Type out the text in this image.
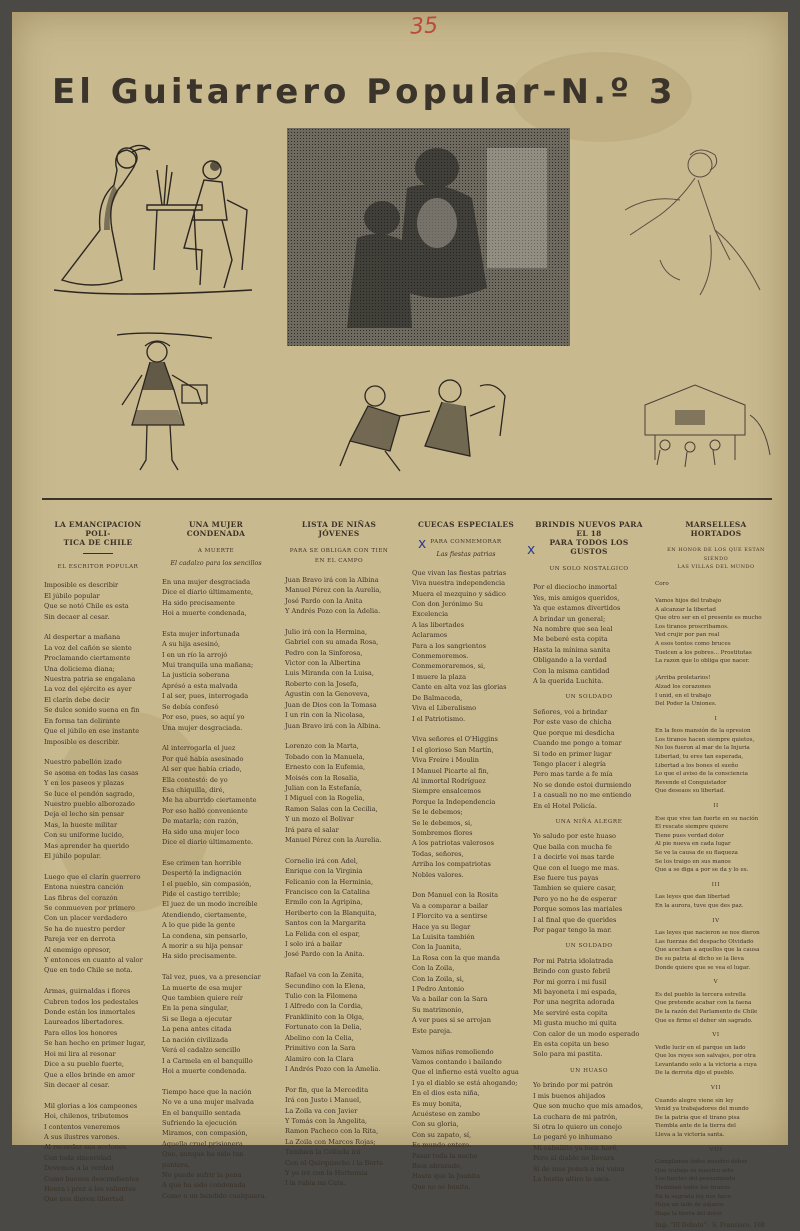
35
El Guitarrero Popular-N.º 3
x	x
LA EMANCIPACION POLI-
TICA DE CHILE
EL ESCRITOR POPULAR
Imposible es describir
El júbilo popular
Que se notó Chile es esta
Sin decaer al cesar.

Al despertar a mañana
La voz del cañón se siente
Proclamando ciertamente
Una doliciema diana;
Nuestra patria se engalana
La voz del ejército es ayer
El clarín debe decir
Se dulce sonido suena en fin
En forma tan delirante
Que el júbilo en ese instante
Imposible es describir.

Nuestro pabellón izado
Se asoma en todas las casas
Y en los paseos y plazas
Se luce el pendón sagrado,
Nuestro pueblo alborozado
Deja el lecho sin pensar
Mas, la hueste militar
Con su uniforme lucido,
Mas aprender ha querido
El júbilo popular.

Luego que el clarín guerrero
Entona nuestra canción
Las fibras del corazón
Se conmueven por primero
Con un placer verdadero
Se ha de nuestro perder
Pareja ver en derrota
Al enemigo opresor,
Y entonces en cuanto al valor
Que en todo Chile se nota.

Armas, guirnaldas i flores
Cubren todos los pedestales
Donde están los inmortales
Laureados libertadores.
Para ellos los honores
Se han hecho en primer lugar,
Hoi mi lira al resonar
Dice a su pueblo fuerte,
Que a ellos brinde en amor
Sin decaer al cesar.

Mil glorias a los campeones
Hoi, chilenos, tributemos
I contentos veneremos
A sus ilustres varones.
Al recordar sus acciones
Con toda sinceridad
Devemos a la verdad
Como buenos descendientes
Honra i prez a los valientes
Que nos dieron libertad.
UNA MUJER CONDENADA
A MUERTE
El cadalzo para los sencillos
En una mujer desgraciada
Dice el diario últimamente,
Ha sido precisamente
Hoi a muerte condenada,

Esta mujer infortunada
A su hija asesinó,
I en un río la arrojó
Mui tranquila una mañana;
La justicia soberana
Aprésó a esta malvada
I al ser, pues, interrogada
Se debía confesó
Por eso, pues, so aquí yo
Una mujer desgraciada.

Al interrogarla el juez
Por qué había asesinado
Al ser que había criado,
Ella contestó: de yo
Esa chiquilla, diré,
Me ha aburrido ciertamente
Por eso halló conveniente
De matarla; con razón,
Ha sido una mujer loco
Dice el diario últimamente.

Ese crimen tan horrible
Despertó la indignación
I el pueblo, sin compasión,
Pide el castigo terrible;
El juez de un modo increíble
Atendiendo, ciertamente,
A lo que pide la gente
La condena, sin pensarlo,
A morir a su hija pensar
Ha sido precisamente.

Tal vez, pues, va a presenciar
La muerte de esa mujer
Que tambien quiere reír
En la pena singular,
Si se llega a ejecutar
La pena antes citada
La nación civilizada
Verá el cadalzo sencillo
I a Carmela en el banquillo
Hoi a muerte condenada.

Tiempo hace que la nación
No ve a una mujer malvada
En el banquillo sentada
Sufriendo la ejecución
Miramos, con compasión,
Aquella cruel prisionera
Que, aunque ha sido tan pantera,
No puede sufrir la pena
A que ha sido condenada
Como a un bandido cualquiera.
LISTA DE NIÑAS JÓVENES
PARA SE OBLIGAR CON TIEN
EN EL CAMPO
Juan Bravo irá con la Albina
Manuel Pérez con la Aurelia,
José Pardo con la Anita
Y Andrés Pozo con la Adelia.

Julio irá con la Hermina,
Gabriel con su amada Rosa,
Pedro con la Sinforosa,
Victor con la Albertina
Luis Miranda con la Luisa,
Roberto con la Josefa,
Agustin con la Genoveva,
Juan de Dios con la Tomasa
I un rin con la Nicolasa,
Juan Bravo irá con la Albina.

Lorenzo con la Marta,
Tobado con la Manuela,
Ernesto con la Eufemia,
Moisés con la Rosalia,
Julian con la Estefanía,
I Miguel con la Rogelia,
Ramon Salas con la Cecilia,
Y un mozo el Bolivar
Irá para el salar
Manuel Pérez con la Aurelia.

Cornelio irá con Adel,
Enrique con la Virginia
Felicanio con la Herminia,
Francisco con la Catalina
Ermilo con la Agripina,
Heriberto con la Blanquita,
Santos con la Margarita
La Felida con el espar,
I solo irá a bailar
José Pardo con la Anita.

Rafael va con la Zenita,
Secundino con la Elena,
Tulio con la Filomena
I Alfredo con la Cordia,
Franklinito con la Olga,
Fortunato con la Delia,
Abelino con la Celia,
Primitivo con la Sara
Alamiro con la Clara
I Andrés Pozo con la Amelia.

Por fin, que la Mercedita
Irá con Justo i Manuel,
La Zoila va con Javier
Y Tomás con la Angelita,
Ramon Pacheco con la Rita,
La Zoila con Marcos Rojas;
Tambien la Celinda irá
Con el Quirquincho i la Berta
Y yo iré con la Hortensia
I la rubia mi Cata.
CUECAS ESPECIALES
PARA CONMEMORAR
Las fiestas patrias
Que vivan las fiestas patrias
Viva nuestra independencia
Muera el mezquino y sádico
Con don Jerónimo Su Excelencia
A las libertades
Aclaramos
Para a los sangrientos
Conmemoremos.
Conmemoraremos, si,
I muere la plaza
Cante en alta voz las glorias
De Balmaceda,
Viva el Liberalismo
I el Patriotismo.

Viva señores el O'Higgins
I el glorioso San Martín,
Viva Freire i Moulin
I Manuel Picarte al fin,
Al inmortal Rodríguez
Siempre ensalcemos
Porque la Independencia
Se le debemos;
Se le debemos, si,
Sombremos flores
A los patriotas valerosos
Todas, señores,
Arriba los compatriotas
Nobles valores.

Don Manuel con la Rosita
Va a comparar a bailar
I Florcito va a sentirse
Hace ya su llegar
La Luisita también
Con la Juanita,
La Rosa con la que manda
Con la Zoila,
Con la Zoila, si,
I Pedro Antonio
Va a bailar con la Sara
Su matrimonio,
A ver pues si se arrojan
Este pareja.

Vamos niñas remoliendo
Vamos contando i bailando
Que el infierno está vuelto agua
I ya el diablo se está ahogando;
En el dios esta niña,
Es muy bonita,
Acuéstese en zambo
Con su gloria,
Con su zapato, sí,
Es mundo entero.
Pasar toda la noche
Bien abrazado,
Hasta que la Juanita
Que no se bonita.
BRINDIS NUEVOS PARA EL 18
PARA TODOS LOS GUSTOS
UN SOLO NOSTALGICO
Por el dieciocho inmortal
Yes, mis amigos queridos,
Ya que estamos divertidos
A brindar un general;
Na nombre que sea leal
Me beberé esta copita
Hasta la mínima sanita
Obligando a la verdad
Con la misma cantidad
A la querida Luchita.
UN SOLDADO
Señores, voi a brindar
Por este vaso de chicha
Que porque mi desdicha
Cuando me pongo a tomar
Si todo en primer lugar
Tengo placer i alegría
Pero mas tarde a fe mía
No se donde estoi durmiendo
I a casuali no no me entiendo
En el Hotel Policía.
UNA NIÑA ALEGRE
Yo saludo por este huaso
Que baila con mucha fe
I a decirle voi mas tarde
Que con el luego me mas.
Ese fuere tus payas
Tambien se quiere casar,
Pero yo no he de esperar
Porque somos las mariales
I al final que de querides
Por pagar tengo la mar.
UN SOLDADO
Por mi Patria idolatrada
Brindo con gusto febril
Por mi gorra i mi fusil
Mi bayoneta i mi espada,
Por una negrita adorada
Me serviré esta copita
Mi gusta mucho mi quita
Con calor de un modo esperado
En esta copita un beso
Solo para mi pastita.
UN HUASO
Yo brindo por mi patrón
I mis buenos ahijados
Que son mucho que mis amados,
La cuchara de mi patrón,
Si otra lo quiero un conejo
Lo pegaré yo inhumano
Mi caballito ya bien haré,
Pero al diablo no llevara
Si de mas ponen a mi vaina
La bestia altiro le saca.
MARSELLESA
HORTADOS
EN HONOR DE LOS QUE ESTAN SIENDO
LAS VILLAS DEL MUNDO
Coro

Vamos hijos del trabajo
A alcanzar la libertad
Que otro ser en el presente es mucho
Los tiranos proscribamos.
Ved crujir por pan real
A esos tontos como bruces
Tuelcen a los pobres... Prostitutas
La razon que lo obliga que nacer.

¡Arriba proletarios!
Alzad los corazones
I unid, en el trabajo
Del Poder la Uniones.
I
En la feos mansión de la opresion
Los tiranos hacen siempre quietos,
No los fueron al mar de la Injuria
Libertad, tu eres tan esperada,
Libertad a los bones el sueño
Lo que el aviso de la consciencia
Revende el Conquistador
Que deseaos su libertad.
II
Ese que vive tan fuerte en su nación
El rescate siempre quiere
Tiene pues verdad dolor
Al pie nueva en cada lugar
Se ve la causa de su flaqueza
Se los traigo en sus manos
Que a se diga a por se da y lo es.
III
Las leyes que dan libertad
En la aurora, tuve que des paz.
IV
Las leyes que nacieron se nos dieron
Las fuerzas del despacho Olvidado
Que acechan a aquellos que la causa
De su patria al dicho se la lleva
Donde quiere que se vea el lugar.
V
Es del pueblo la tercera estrella
Que pretende acabar con la faena
De la razón del Parlamento de Chile
Que es firme el deber sin sagrado.
VI
Vedle lucir en el parque un lado
Que los reyes son salvajes, por otra
Levantando solo a la victoria a cuya
De la derrota dijo el pueblo.
VII
Cuando alegre viene sin ley
Venid ya trabajadores del mundo
De la patria que el tirano pisa
Tiembla ante de la tierra del
Lleva a la victoria santa.
VIII
Cumplamos todos nuestro deber
Que trabajo es nuestro arte
Los fuertes del pensamiento
Tiemblan todos los tiranos
En la sagrada ley nos hace
Haya un lado de pájaros
Haga la tierra del dolor.
Imp. "El Debate" - S. Francisco, 168
